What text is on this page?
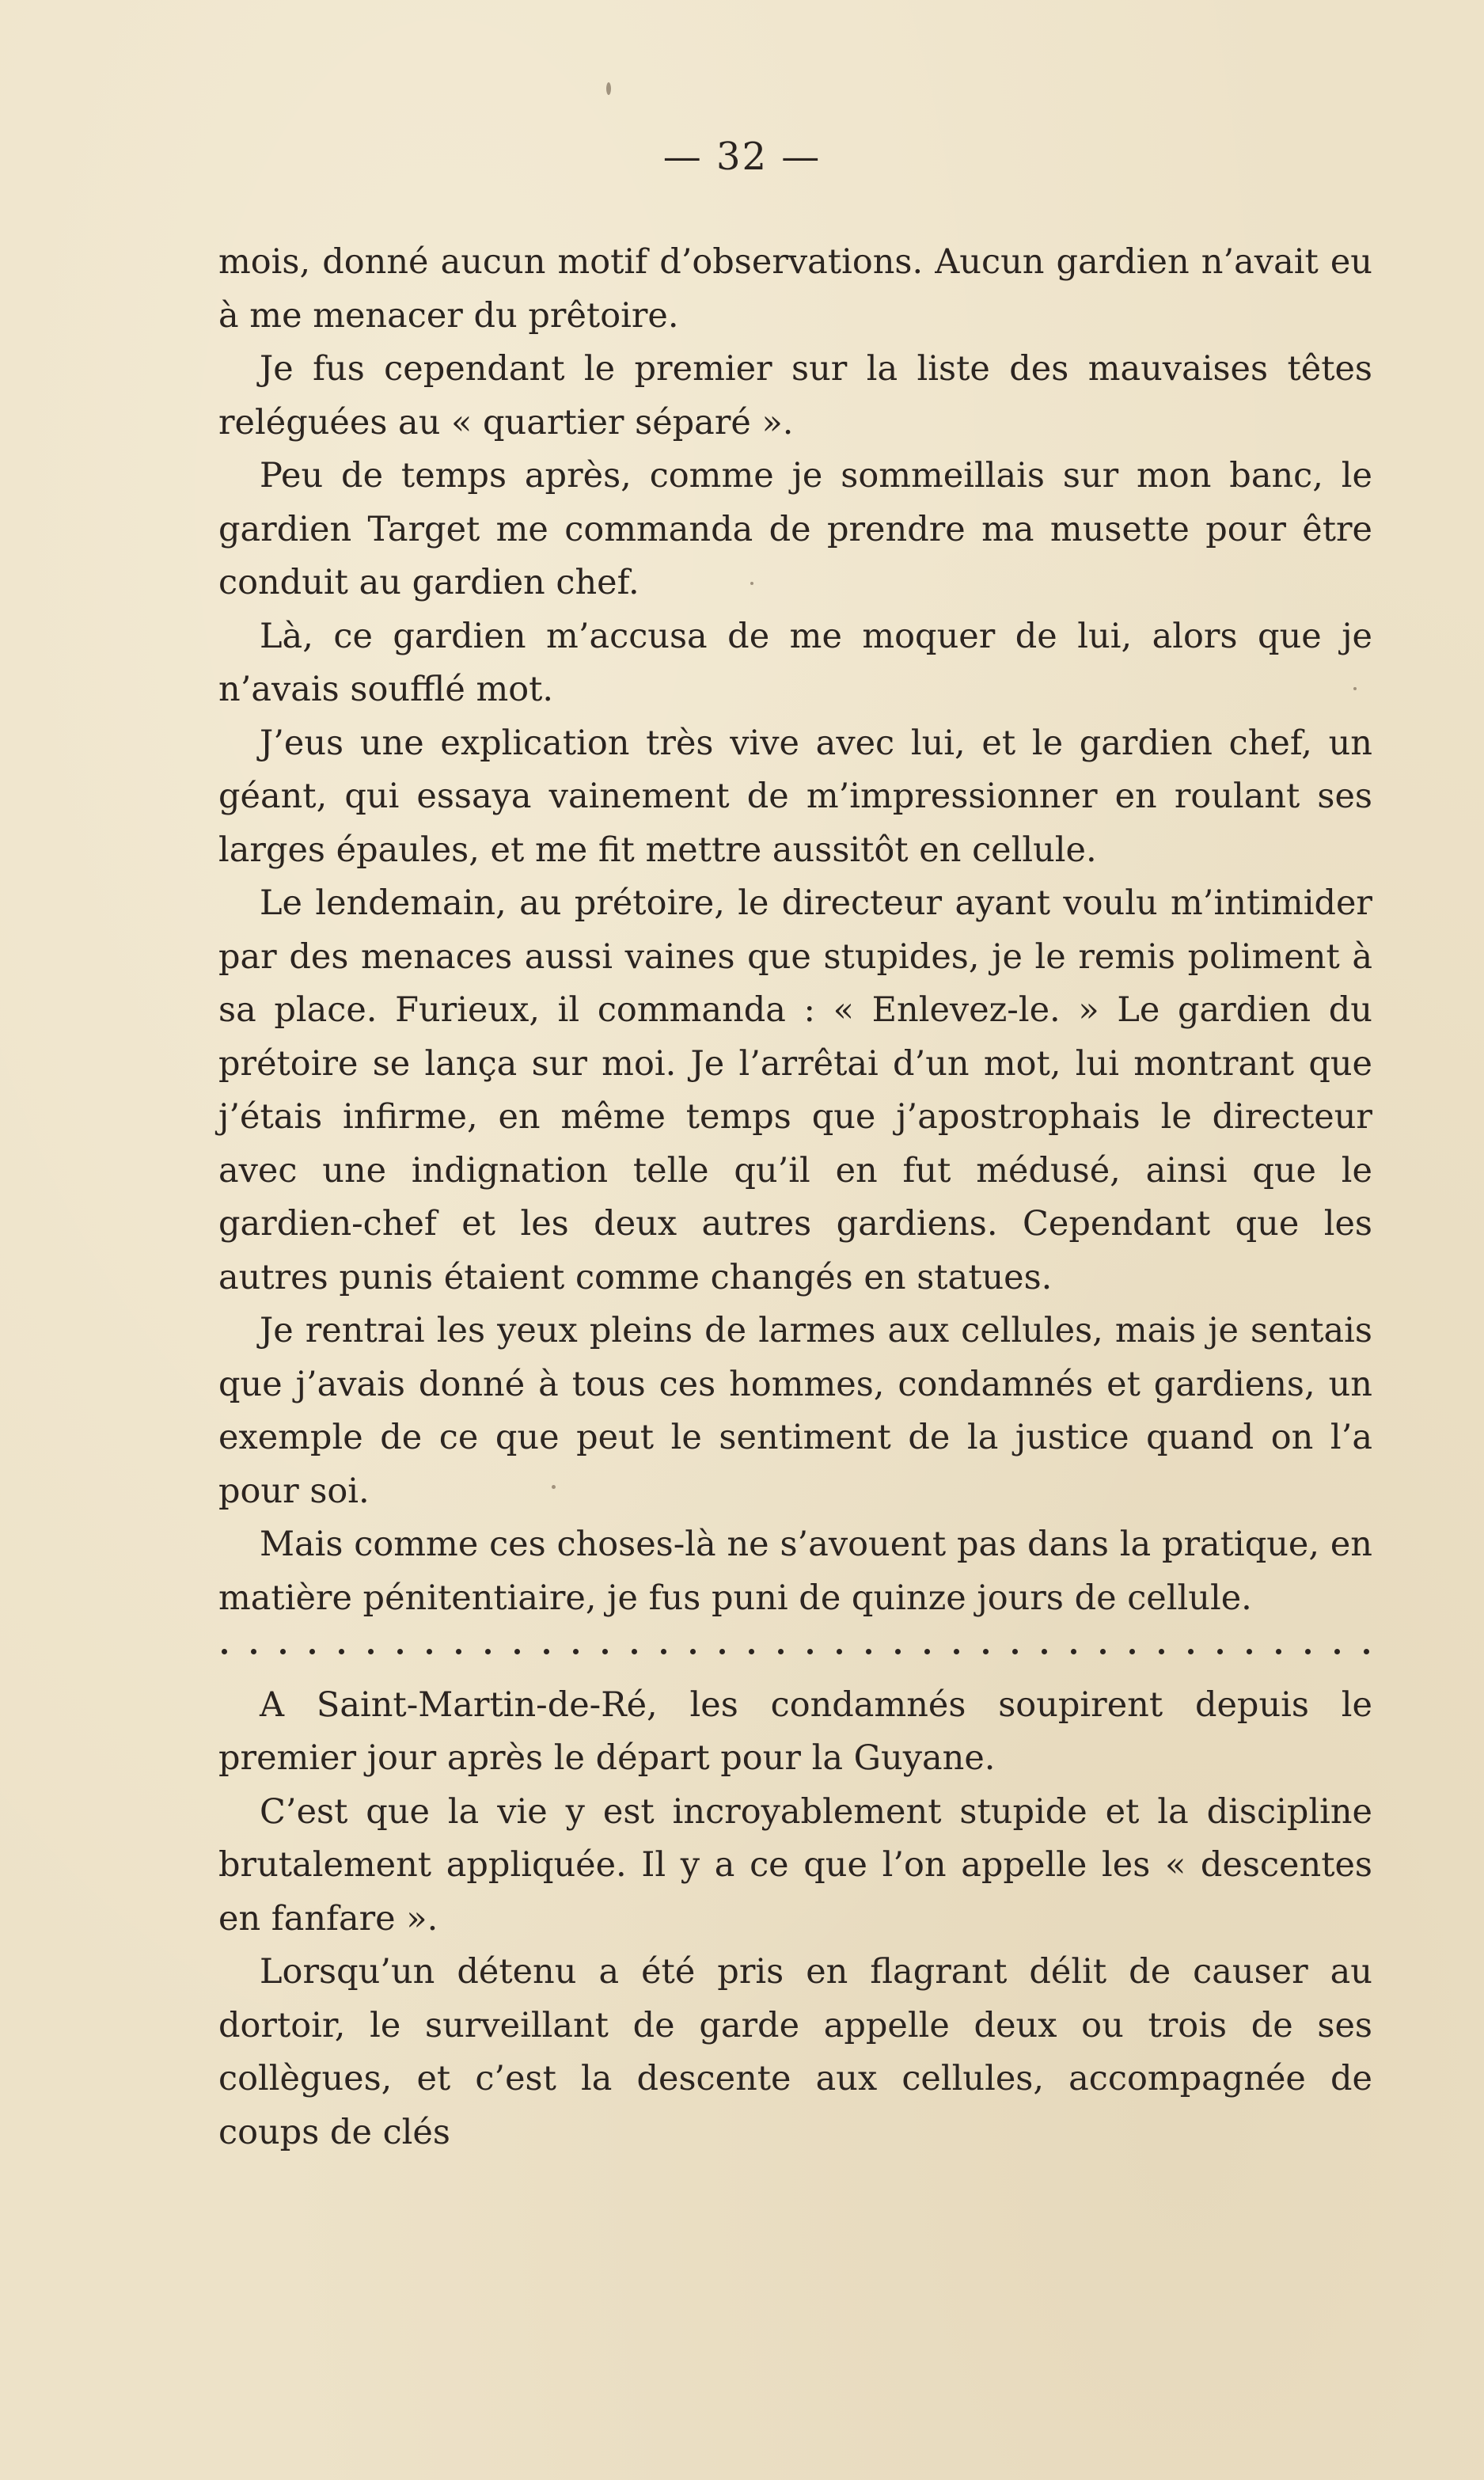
— 32 —

mois, donné aucun motif d’observations. Aucun gardien n’avait eu à me menacer du prêtoire.

Je fus cependant le premier sur la liste des mauvaises têtes reléguées au « quartier séparé ».

Peu de temps après, comme je sommeillais sur mon banc, le gardien Target me commanda de prendre ma musette pour être conduit au gardien chef.

Là, ce gardien m’accusa de me moquer de lui, alors que je n’avais soufflé mot.

J’eus une explication très vive avec lui, et le gardien chef, un géant, qui essaya vainement de m’impressionner en roulant ses larges épaules, et me fit mettre aussitôt en cellule.

Le lendemain, au prétoire, le directeur ayant voulu m’intimider par des menaces aussi vaines que stupides, je le remis poliment à sa place. Furieux, il commanda : « Enlevez-le. » Le gardien du prétoire se lança sur moi. Je l’arrêtai d’un mot, lui montrant que j’étais infirme, en même temps que j’apostrophais le directeur avec une indignation telle qu’il en fut médusé, ainsi que le gardien-chef et les deux autres gardiens. Cependant que les autres punis étaient comme changés en statues.

Je rentrai les yeux pleins de larmes aux cellules, mais je sentais que j’avais donné à tous ces hommes, condamnés et gardiens, un exemple de ce que peut le sentiment de la justice quand on l’a pour soi.

Mais comme ces choses-là ne s’avouent pas dans la pratique, en matière pénitentiaire, je fus puni de quinze jours de cellule.

A Saint-Martin-de-Ré, les condamnés soupirent depuis le premier jour après le départ pour la Guyane.

C’est que la vie y est incroyablement stupide et la discipline brutalement appliquée. Il y a ce que l’on appelle les « descentes en fanfare ».

Lorsqu’un détenu a été pris en flagrant délit de causer au dortoir, le surveillant de garde appelle deux ou trois de ses collègues, et c’est la descente aux cellules, accompagnée de coups de clés
